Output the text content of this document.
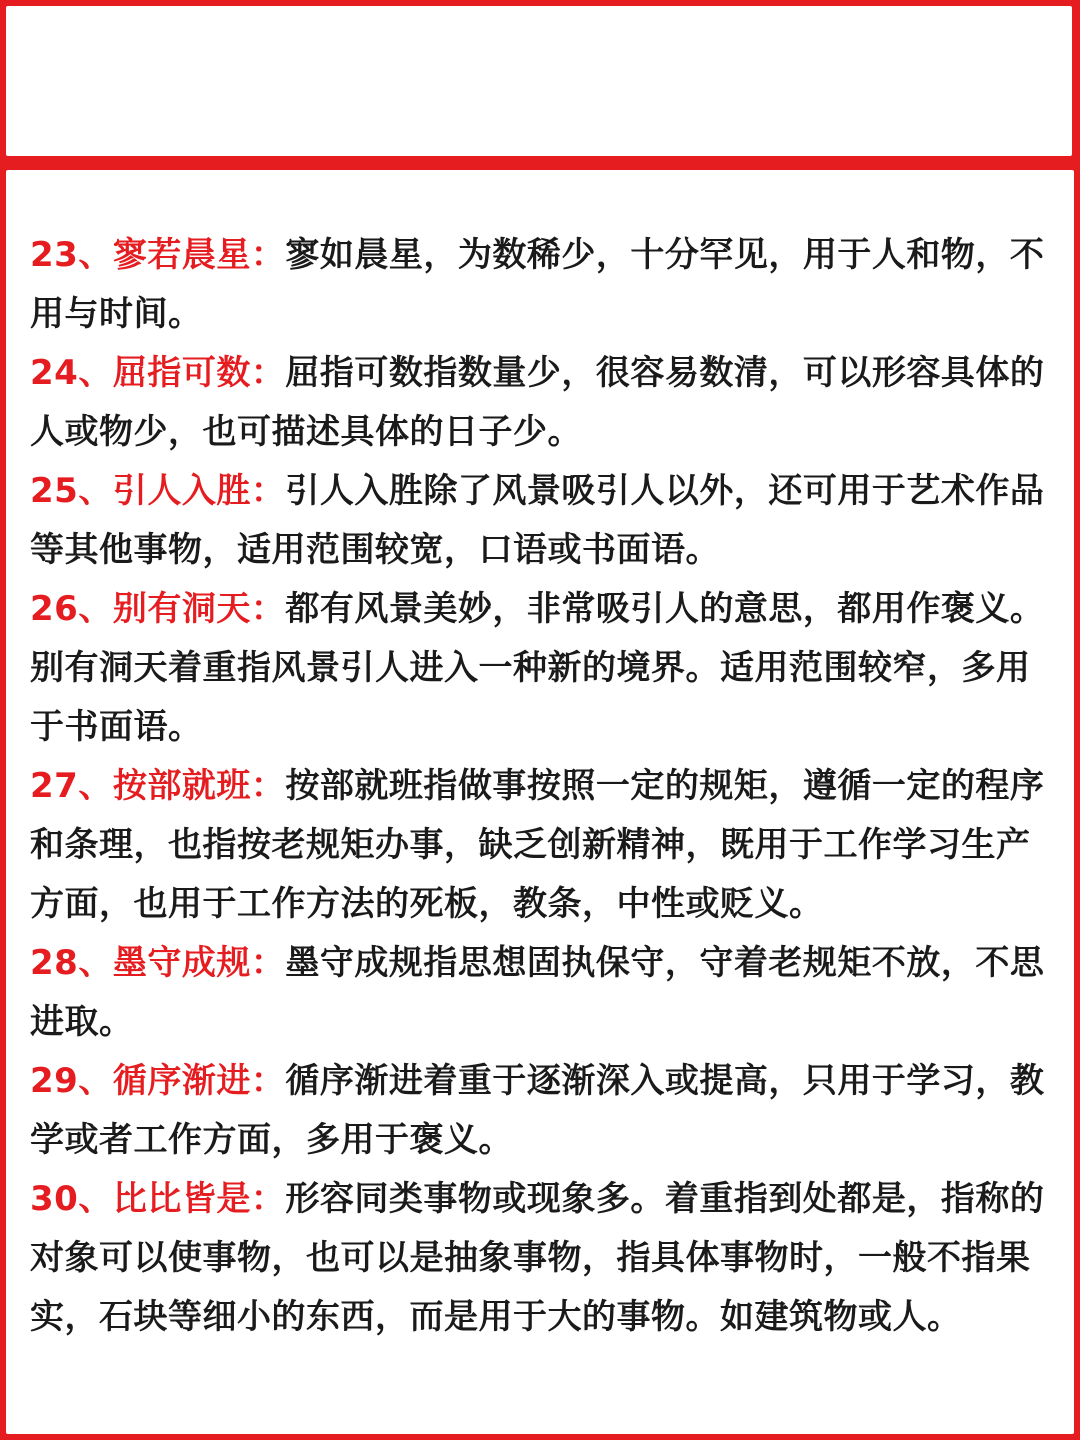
23、寥若晨星：寥如晨星，为数稀少，十分罕见，用于人和物，不用与时间。

24、屈指可数：屈指可数指数量少，很容易数清，可以形容具体的人或物少，也可描述具体的日子少。

25、引人入胜：引人入胜除了风景吸引人以外，还可用于艺术作品等其他事物，适用范围较宽，口语或书面语。

26、别有洞天：都有风景美妙，非常吸引人的意思，都用作褒义。别有洞天着重指风景引人进入一种新的境界。适用范围较窄，多用于书面语。

27、按部就班：按部就班指做事按照一定的规矩，遵循一定的程序和条理，也指按老规矩办事，缺乏创新精神，既用于工作学习生产方面，也用于工作方法的死板，教条，中性或贬义。

28、墨守成规：墨守成规指思想固执保守，守着老规矩不放，不思进取。

29、循序渐进：循序渐进着重于逐渐深入或提高，只用于学习，教学或者工作方面，多用于褒义。

30、比比皆是：形容同类事物或现象多。着重指到处都是，指称的对象可以使事物，也可以是抽象事物，指具体事物时，一般不指果实，石块等细小的东西，而是用于大的事物。如建筑物或人。
